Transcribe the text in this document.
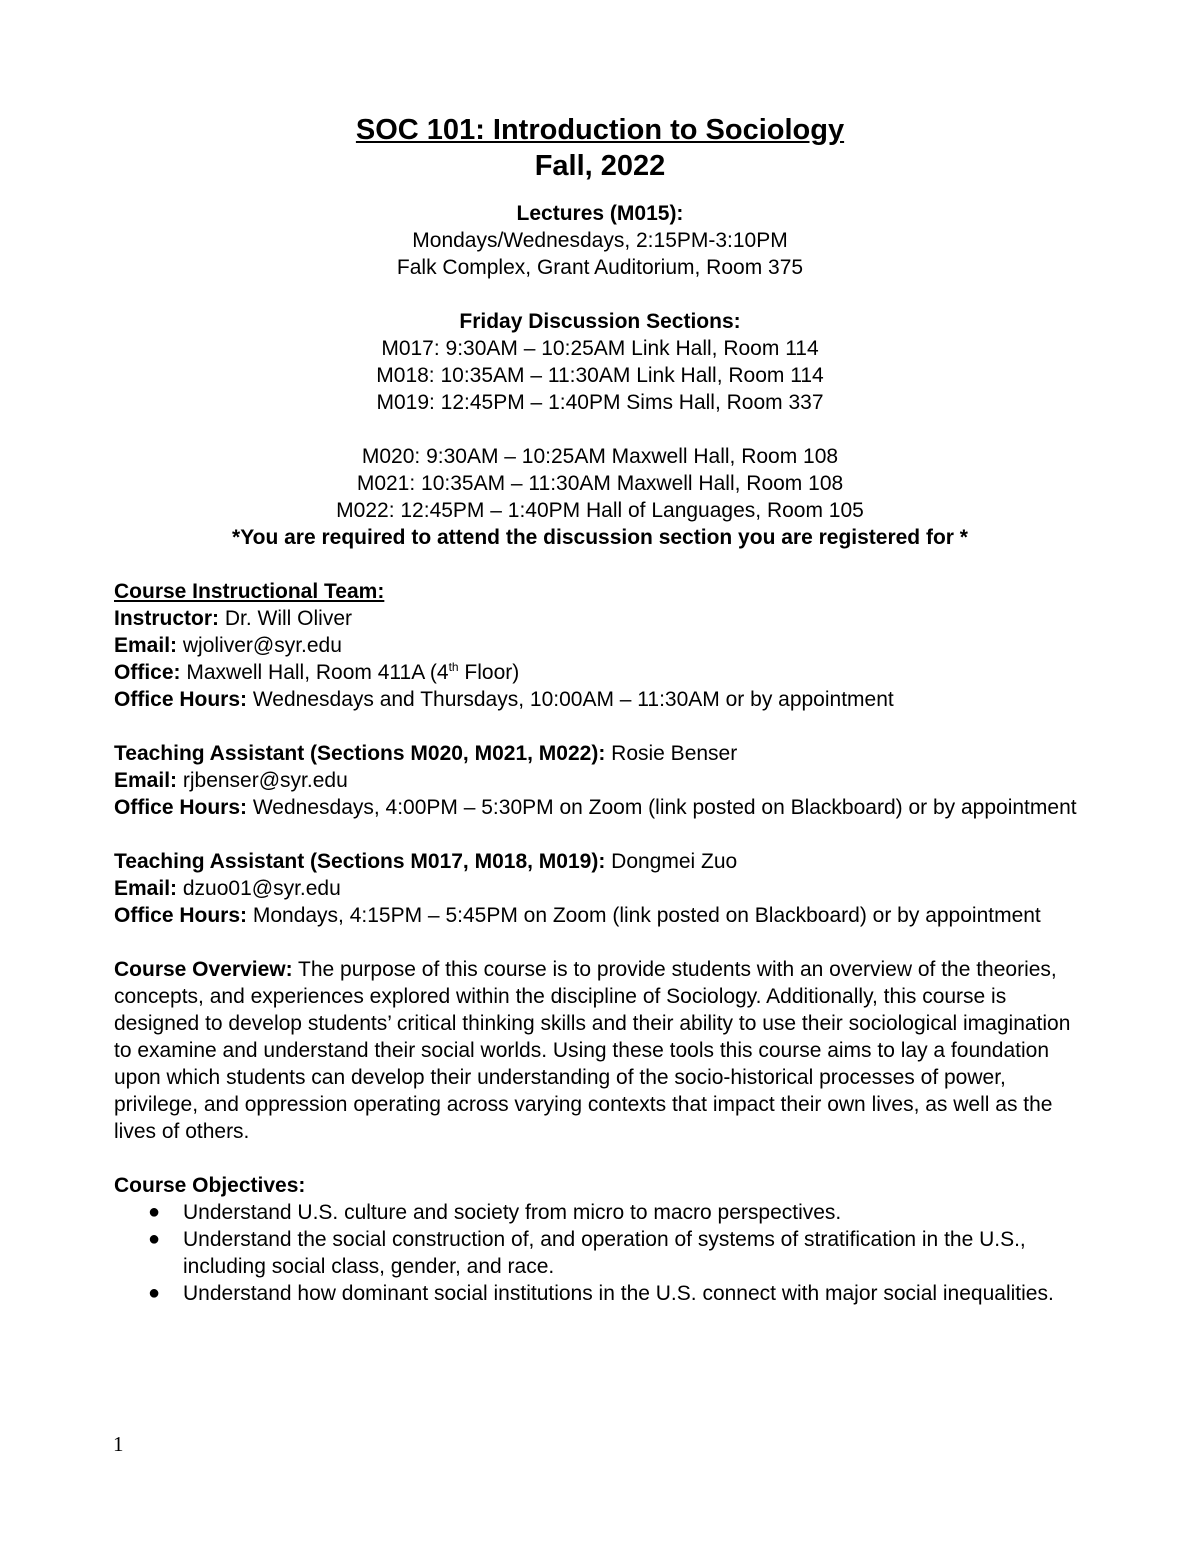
SOC 101: Introduction to Sociology
Fall, 2022
Lectures (M015):
Mondays/Wednesdays, 2:15PM-3:10PM
Falk Complex, Grant Auditorium, Room 375
Friday Discussion Sections:
M017: 9:30AM – 10:25AM Link Hall, Room 114
M018: 10:35AM – 11:30AM Link Hall, Room 114
M019: 12:45PM – 1:40PM Sims Hall, Room 337
M020: 9:30AM – 10:25AM Maxwell Hall, Room 108
M021: 10:35AM – 11:30AM Maxwell Hall, Room 108
M022: 12:45PM – 1:40PM Hall of Languages, Room 105
*You are required to attend the discussion section you are registered for *
Course Instructional Team:
Instructor: Dr. Will Oliver
Email: wjoliver@syr.edu
Office: Maxwell Hall, Room 411A (4th Floor)
Office Hours: Wednesdays and Thursdays, 10:00AM – 11:30AM or by appointment
Teaching Assistant (Sections M020, M021, M022): Rosie Benser
Email: rjbenser@syr.edu
Office Hours: Wednesdays, 4:00PM – 5:30PM on Zoom (link posted on Blackboard) or by appointment
Teaching Assistant (Sections M017, M018, M019): Dongmei Zuo
Email: dzuo01@syr.edu
Office Hours: Mondays, 4:15PM – 5:45PM on Zoom (link posted on Blackboard) or by appointment
Course Overview: The purpose of this course is to provide students with an overview of the theories, concepts, and experiences explored within the discipline of Sociology. Additionally, this course is designed to develop students’ critical thinking skills and their ability to use their sociological imagination to examine and understand their social worlds. Using these tools this course aims to lay a foundation upon which students can develop their understanding of the socio-historical processes of power, privilege, and oppression operating across varying contexts that impact their own lives, as well as the lives of others.
Course Objectives:
● Understand U.S. culture and society from micro to macro perspectives.
● Understand the social construction of, and operation of systems of stratification in the U.S., including social class, gender, and race.
● Understand how dominant social institutions in the U.S. connect with major social inequalities.
1
